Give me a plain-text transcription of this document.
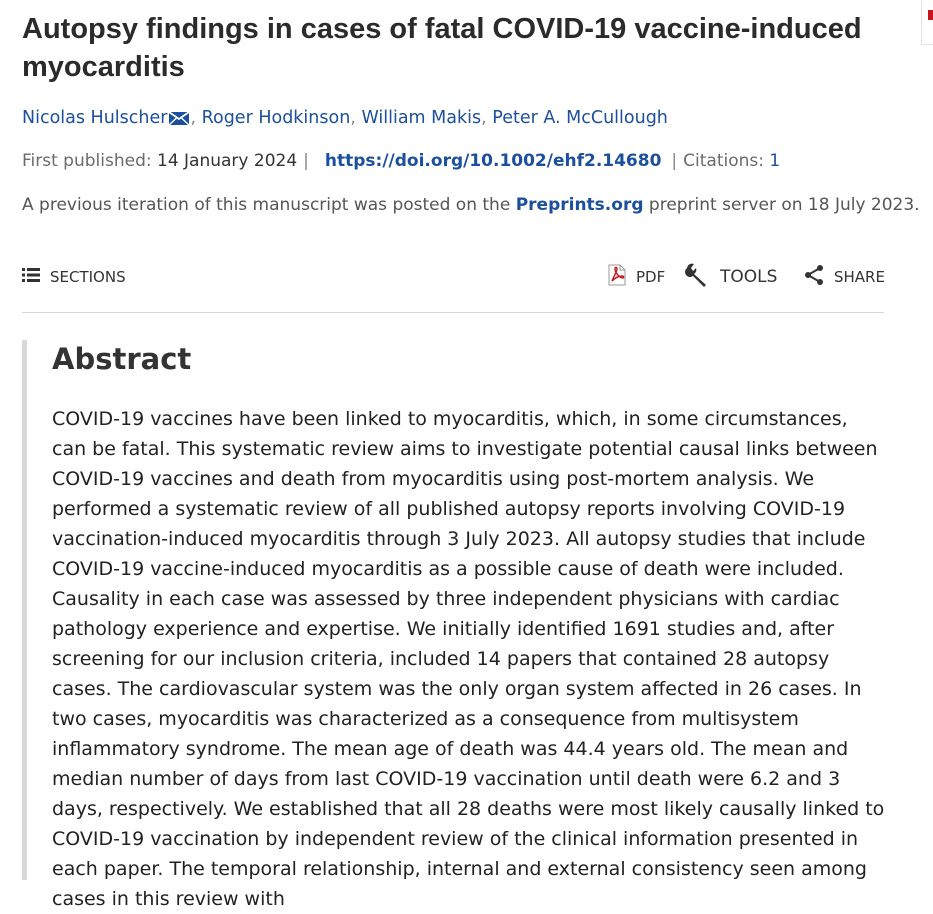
Autopsy findings in cases of fatal COVID-19 vaccine-induced myocarditis
Nicolas Hulscher , Roger Hodkinson, William Makis, Peter A. McCullough
First published: 14 January 2024 | https://doi.org/10.1002/ehf2.14680 | Citations: 1
A previous iteration of this manuscript was posted on the Preprints.org preprint server on 18 July 2023.
SECTIONS	PDF	TOOLS	SHARE
Abstract

COVID-19 vaccines have been linked to myocarditis, which, in some circumstances, can be fatal. This systematic review aims to investigate potential causal links between COVID-19 vaccines and death from myocarditis using post-mortem analysis. We performed a systematic review of all published autopsy reports involving COVID-19 vaccination-induced myocarditis through 3 July 2023. All autopsy studies that include COVID-19 vaccine-induced myocarditis as a possible cause of death were included. Causality in each case was assessed by three independent physicians with cardiac pathology experience and expertise. We initially identified 1691 studies and, after screening for our inclusion criteria, included 14 papers that contained 28 autopsy cases. The cardiovascular system was the only organ system affected in 26 cases. In two cases, myocarditis was characterized as a consequence from multisystem inflammatory syndrome. The mean age of death was 44.4 years old. The mean and median number of days from last COVID-19 vaccination until death were 6.2 and 3 days, respectively. We established that all 28 deaths were most likely causally linked to COVID-19 vaccination by independent review of the clinical information presented in each paper. The temporal relationship, internal and external consistency seen among cases in this review with
